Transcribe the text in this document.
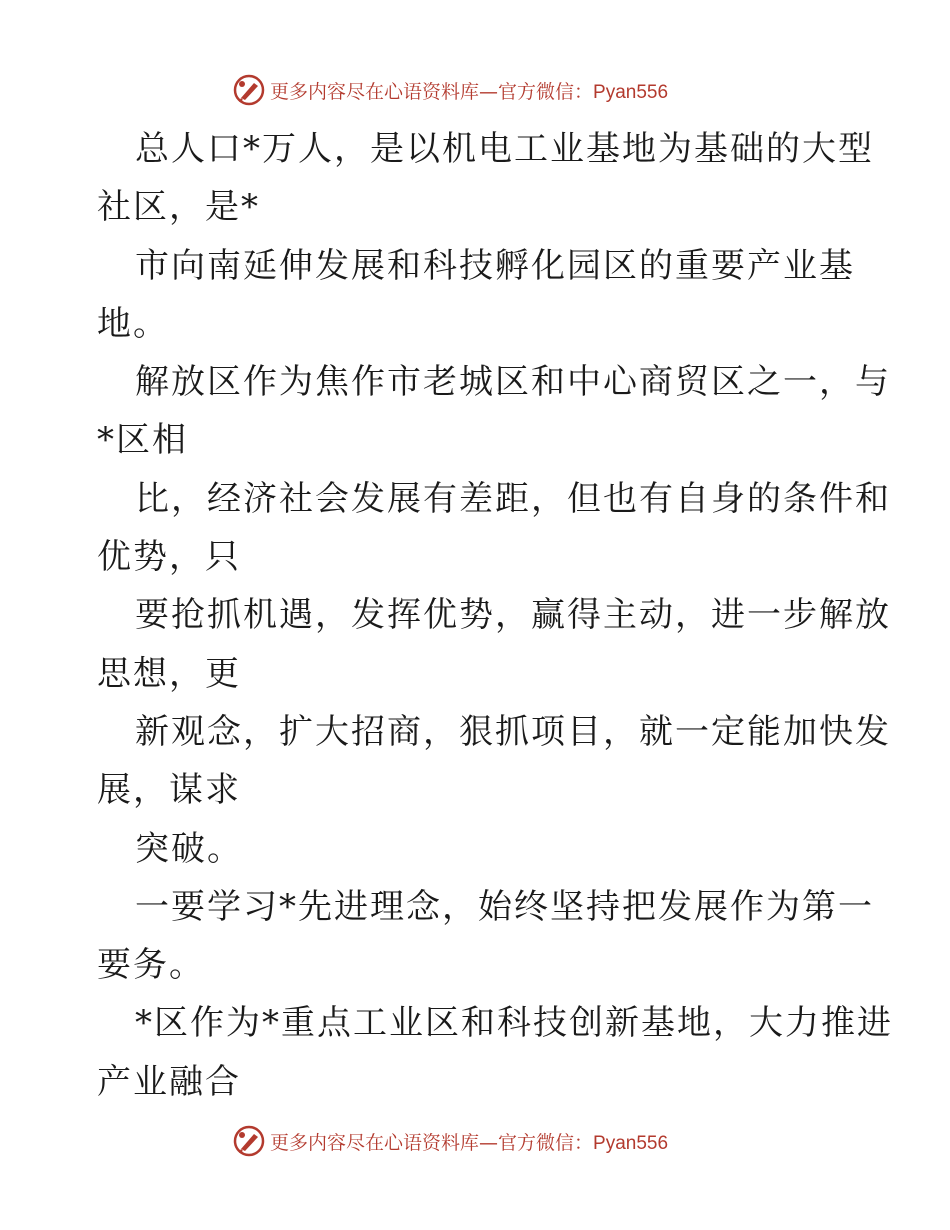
更多内容尽在心语资料库—官方微信：Pyan556
总人口*万人，是以机电工业基地为基础的大型
社区，是*
市向南延伸发展和科技孵化园区的重要产业基
地。
解放区作为焦作市老城区和中心商贸区之一，与
*区相
比，经济社会发展有差距，但也有自身的条件和
优势，只
要抢抓机遇，发挥优势，赢得主动，进一步解放
思想，更
新观念，扩大招商，狠抓项目，就一定能加快发
展，谋求
突破。
一要学习*先进理念，始终坚持把发展作为第一
要务。
*区作为*重点工业区和科技创新基地，大力推进
产业融合
更多内容尽在心语资料库—官方微信：Pyan556
